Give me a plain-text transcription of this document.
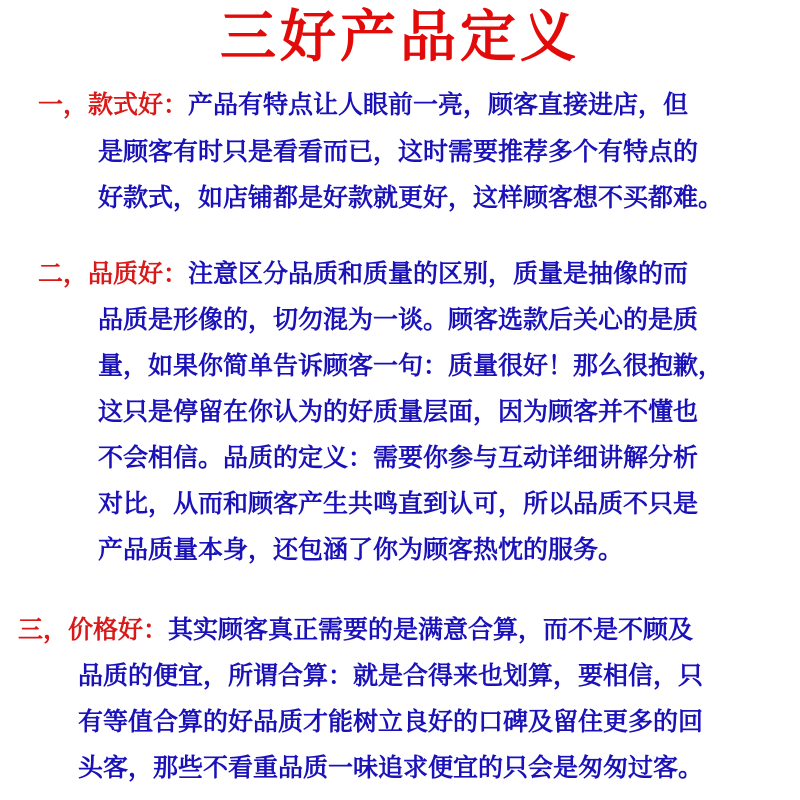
三好产品定义
一，款式好：产品有特点让人眼前一亮，顾客直接进店，但
是顾客有时只是看看而已，这时需要推荐多个有特点的
好款式，如店铺都是好款就更好，这样顾客想不买都难。
二，品质好：注意区分品质和质量的区别，质量是抽像的而
品质是形像的，切勿混为一谈。顾客选款后关心的是质
量，如果你简单告诉顾客一句：质量很好！那么很抱歉，
这只是停留在你认为的好质量层面，因为顾客并不懂也
不会相信。品质的定义：需要你参与互动详细讲解分析
对比，从而和顾客产生共鸣直到认可，所以品质不只是
产品质量本身，还包涵了你为顾客热忱的服务。
三，价格好：其实顾客真正需要的是满意合算，而不是不顾及
品质的便宜，所谓合算：就是合得来也划算，要相信，只
有等值合算的好品质才能树立良好的口碑及留住更多的回
头客，那些不看重品质一味追求便宜的只会是匆匆过客。
